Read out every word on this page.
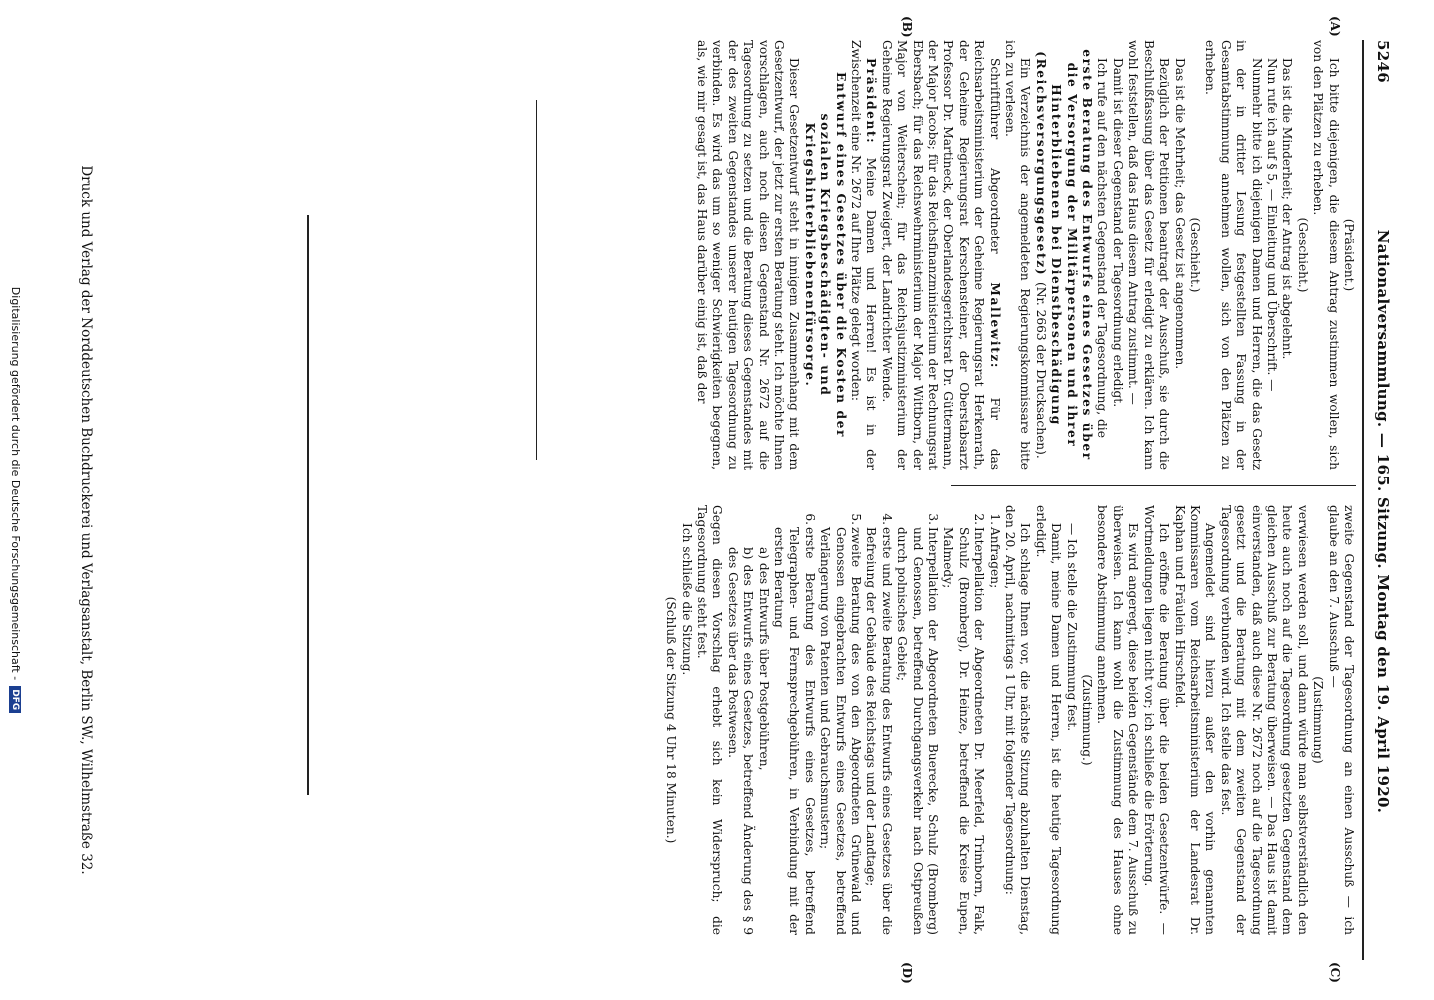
5246
Nationalversammlung. — 165. Sitzung. Montag den 19. April 1920.
(A)
(B)
(C)
(D)

(Präsident.)

Ich bitte diejenigen, die diesem Antrag zustimmen wollen, sich von den Plätzen zu erheben.

(Geschieht.)

Das ist die Minderheit; der Antrag ist abgelehnt.

Nun rufe ich auf § 5, — Einleitung und Überschrift. —

Nunmehr bitte ich diejenigen Damen und Herren, die das Gesetz in der in dritter Lesung festgestellten Fassung in der Gesamtabstimmung annehmen wollen, sich von den Plätzen zu erheben.

(Geschieht.)

Das ist die Mehrheit; das Gesetz ist angenommen.

Bezüglich der Petitionen beantragt der Ausschuß, sie durch die Beschlußfassung über das Gesetz für erledigt zu erklären. Ich kann wohl feststellen, daß das Haus diesem Antrag zustimmt. —

Damit ist dieser Gegenstand der Tagesordnung erledigt.

Ich rufe auf den nächsten Gegenstand der Tagesordnung, die

erste Beratung des Entwurfs eines Gesetzes über die Versorgung der Militärpersonen und ihrer Hinterbliebenen bei Dienstbeschädigung (Reichsversorgungsgesetz) (Nr. 2663 der Drucksachen).

Ein Verzeichnis der angemeldeten Regierungskommissare bitte ich zu verlesen.

Schriftführer Abgeordneter Mallewitz: Für das Reichsarbeitsministerium der Geheime Regierungsrat Herkenrath, der Geheime Regierungsrat Kerschensteiner, der Oberstabsarzt Professor Dr. Martineck, der Oberlandesgerichtsrat Dr. Güttermann, der Major Jacobs; für das Reichsfinanzministerium der Rechnungsrat Ebersbach; für das Reichswehrministerium der Major Wittborn, der Major von Weiterschein; für das Reichsjustizministerium der Geheime Regierungsrat Zweigert, der Landrichter Wende.

Präsident: Meine Damen und Herren! Es ist in der Zwischenzeit eine Nr. 2672 auf Ihre Plätze gelegt worden:

Entwurf eines Gesetzes über die Kosten der sozialen Kriegsbeschädigten- und Kriegshinterbliebenenfürsorge.

Dieser Gesetzentwurf steht in innigem Zusammenhang mit dem Gesetzentwurf, der jetzt zur ersten Beratung steht. Ich möchte Ihnen vorschlagen, auch noch diesen Gegenstand Nr. 2672 auf die Tagesordnung zu setzen und die Beratung dieses Gegenstandes mit der des zweiten Gegenstandes unserer heutigen Tagesordnung zu verbinden. Es wird das um so weniger Schwierigkeiten begegnen, als, wie mir gesagt ist, das Haus darüber einig ist, daß der

zweite Gegenstand der Tagesordnung an einen Ausschuß — ich glaube an den 7. Ausschuß —

(Zustimmung)

verwiesen werden soll, und dann würde man selbstverständlich den heute auch noch auf die Tagesordnung gesetzten Gegenstand dem gleichen Ausschuß zur Beratung überweisen. — Das Haus ist damit einverstanden, daß auch diese Nr. 2672 noch auf die Tagesordnung gesetzt und die Beratung mit dem zweiten Gegenstand der Tagesordnung verbunden wird. Ich stelle das fest.

Angemeldet sind hierzu außer den vorhin genannten Kommissaren vom Reichsarbeitsministerium der Landesrat Dr. Kaphan und Fräulein Hirschfeld.

Ich eröffne die Beratung über die beiden Gesetzentwürfe. — Wortmeldungen liegen nicht vor; ich schließe die Erörterung.

Es wird angeregt, diese beiden Gegenstände dem 7. Ausschuß zu überweisen. Ich kann wohl die Zustimmung des Hauses ohne besondere Abstimmung annehmen.

(Zustimmung.)

— Ich stelle die Zustimmung fest.

Damit, meine Damen und Herren, ist die heutige Tagesordnung erledigt.

Ich schlage Ihnen vor, die nächste Sitzung abzuhalten Dienstag, den 20. April, nachmittags 1 Uhr, mit folgender Tagesordnung:

1.
Anfragen;
2.
Interpellation der Abgeordneten Dr. Meerfeld, Trimborn, Falk, Schulz (Bromberg), Dr. Heinze, betreffend die Kreise Eupen, Malmedy;
3.
Interpellation der Abgeordneten Buerecke, Schulz (Bromberg) und Genossen, betreffend Durchgangsverkehr nach Ostpreußen durch polnisches Gebiet;
4.
erste und zweite Beratung des Entwurfs eines Gesetzes über die Befreiung der Gebäude des Reichstags und der Landtage;
5.
zweite Beratung des von den Abgeordneten Grünewald und Genossen eingebrachten Entwurfs eines Gesetzes, betreffend Verlängerung von Patenten und Gebrauchsmustern;
6.
erste Beratung des Entwurfs eines Gesetzes, betreffend Telegraphen- und Fernsprechgebühren, in Verbindung mit der ersten Beratung
a) des Entwurfs über Postgebühren,
b) des Entwurfs eines Gesetzes, betreffend Änderung des § 9 des Gesetzes über das Postwesen.

Gegen diesen Vorschlag erhebt sich kein Widerspruch; die Tagesordnung steht fest.

Ich schließe die Sitzung.

(Schluß der Sitzung 4 Uhr 18 Minuten.)

Druck und Verlag der Norddeutschen Buchdruckerei und Verlagsanstalt, Berlin SW., Wilhelmstraße 32.
Digitalisierung gefördert durch die Deutsche Forschungsgemeinschaft -
DFG
